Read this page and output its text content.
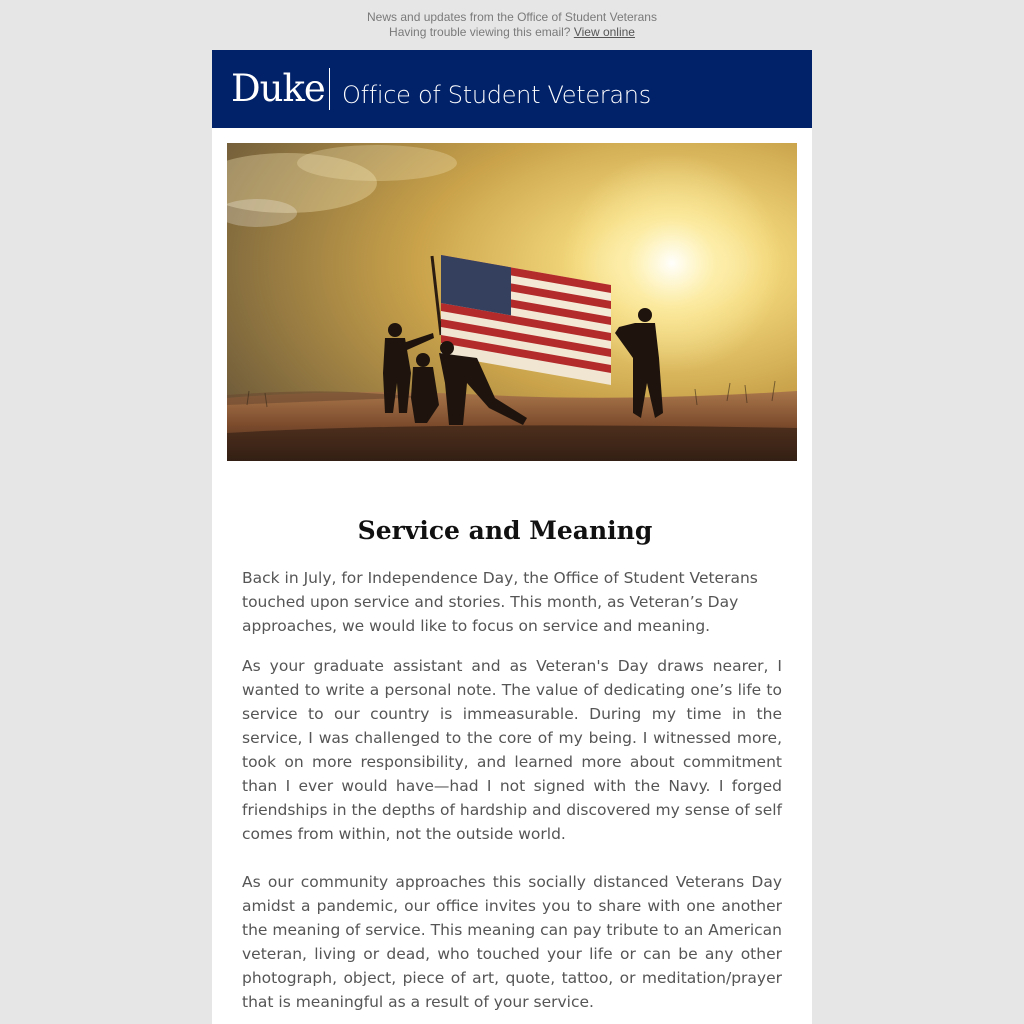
News and updates from the Office of Student Veterans
Having trouble viewing this email? View online
Duke Office of Student Veterans
Service and Meaning

Back in July, for Independence Day, the Office of Student Veterans touched upon service and stories. This month, as Veteran’s Day approaches, we would like to focus on service and meaning.

As your graduate assistant and as Veteran's Day draws nearer, I wanted to write a personal note. The value of dedicating one’s life to service to our country is immeasurable. During my time in the service, I was challenged to the core of my being. I witnessed more, took on more responsibility, and learned more about commitment than I ever would have—had I not signed with the Navy. I forged friendships in the depths of hardship and discovered my sense of self comes from within, not the outside world.

As our community approaches this socially distanced Veterans Day amidst a pandemic, our office invites you to share with one another the meaning of service. This meaning can pay tribute to an American veteran, living or dead, who touched your life or can be any other photograph, object, piece of art, quote, tattoo, or meditation/prayer that is meaningful as a result of your service.
